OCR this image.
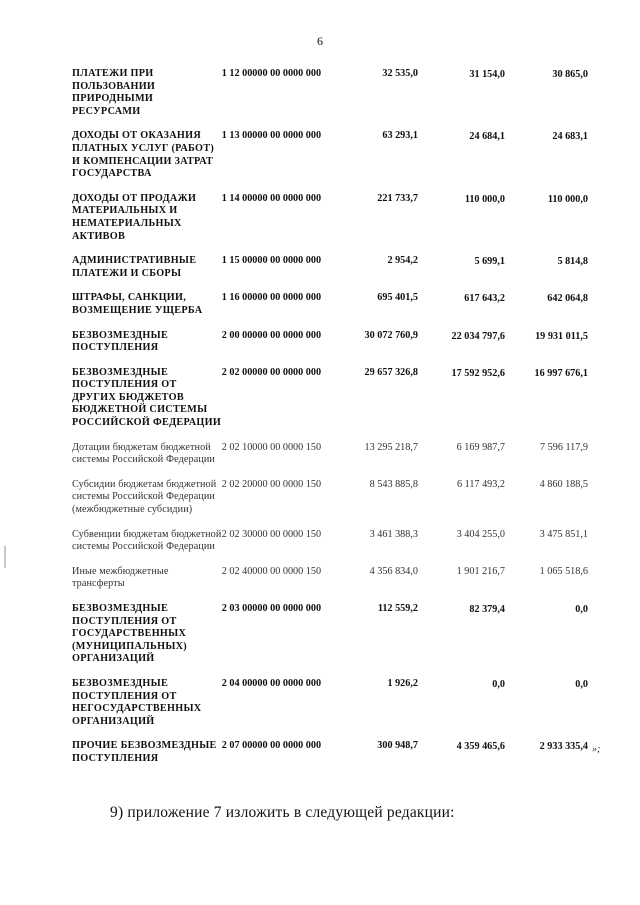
6
ПЛАТЕЖИ ПРИ ПОЛЬЗОВАНИИ ПРИРОДНЫМИ РЕСУРСАМИ	1 12 00000 00 0000 000	32 535,0	31 154,0	30 865,0
ДОХОДЫ ОТ ОКАЗАНИЯ ПЛАТНЫХ УСЛУГ (РАБОТ) И КОМПЕНСАЦИИ ЗАТРАТ ГОСУДАРСТВА	1 13 00000 00 0000 000	63 293,1	24 684,1	24 683,1
ДОХОДЫ ОТ ПРОДАЖИ МАТЕРИАЛЬНЫХ И НЕМАТЕРИАЛЬНЫХ АКТИВОВ	1 14 00000 00 0000 000	221 733,7	110 000,0	110 000,0
АДМИНИСТРАТИВНЫЕ ПЛАТЕЖИ И СБОРЫ	1 15 00000 00 0000 000	2 954,2	5 699,1	5 814,8
ШТРАФЫ, САНКЦИИ, ВОЗМЕЩЕНИЕ УЩЕРБА	1 16 00000 00 0000 000	695 401,5	617 643,2	642 064,8
БЕЗВОЗМЕЗДНЫЕ ПОСТУПЛЕНИЯ	2 00 00000 00 0000 000	30 072 760,9	22 034 797,6	19 931 011,5
БЕЗВОЗМЕЗДНЫЕ ПОСТУПЛЕНИЯ ОТ ДРУГИХ БЮДЖЕТОВ БЮДЖЕТНОЙ СИСТЕМЫ РОССИЙСКОЙ ФЕДЕРАЦИИ	2 02 00000 00 0000 000	29 657 326,8	17 592 952,6	16 997 676,1
Дотации бюджетам бюджетной системы Российской Федерации	2 02 10000 00 0000 150	13 295 218,7	6 169 987,7	7 596 117,9
Субсидии бюджетам бюджетной системы Российской Федерации (межбюджетные субсидии)	2 02 20000 00 0000 150	8 543 885,8	6 117 493,2	4 860 188,5
Субвенции бюджетам бюджетной системы Российской Федерации	2 02 30000 00 0000 150	3 461 388,3	3 404 255,0	3 475 851,1
Иные межбюджетные трансферты	2 02 40000 00 0000 150	4 356 834,0	1 901 216,7	1 065 518,6
БЕЗВОЗМЕЗДНЫЕ ПОСТУПЛЕНИЯ ОТ ГОСУДАРСТВЕННЫХ (МУНИЦИПАЛЬНЫХ) ОРГАНИЗАЦИЙ	2 03 00000 00 0000 000	112 559,2	82 379,4	0,0
БЕЗВОЗМЕЗДНЫЕ ПОСТУПЛЕНИЯ ОТ НЕГОСУДАРСТВЕННЫХ ОРГАНИЗАЦИЙ	2 04 00000 00 0000 000	1 926,2	0,0	0,0
ПРОЧИЕ БЕЗВОЗМЕЗДНЫЕ ПОСТУПЛЕНИЯ	2 07 00000 00 0000 000	300 948,7	4 359 465,6	2 933 335,4 »;
9) приложение 7 изложить в следующей редакции:
